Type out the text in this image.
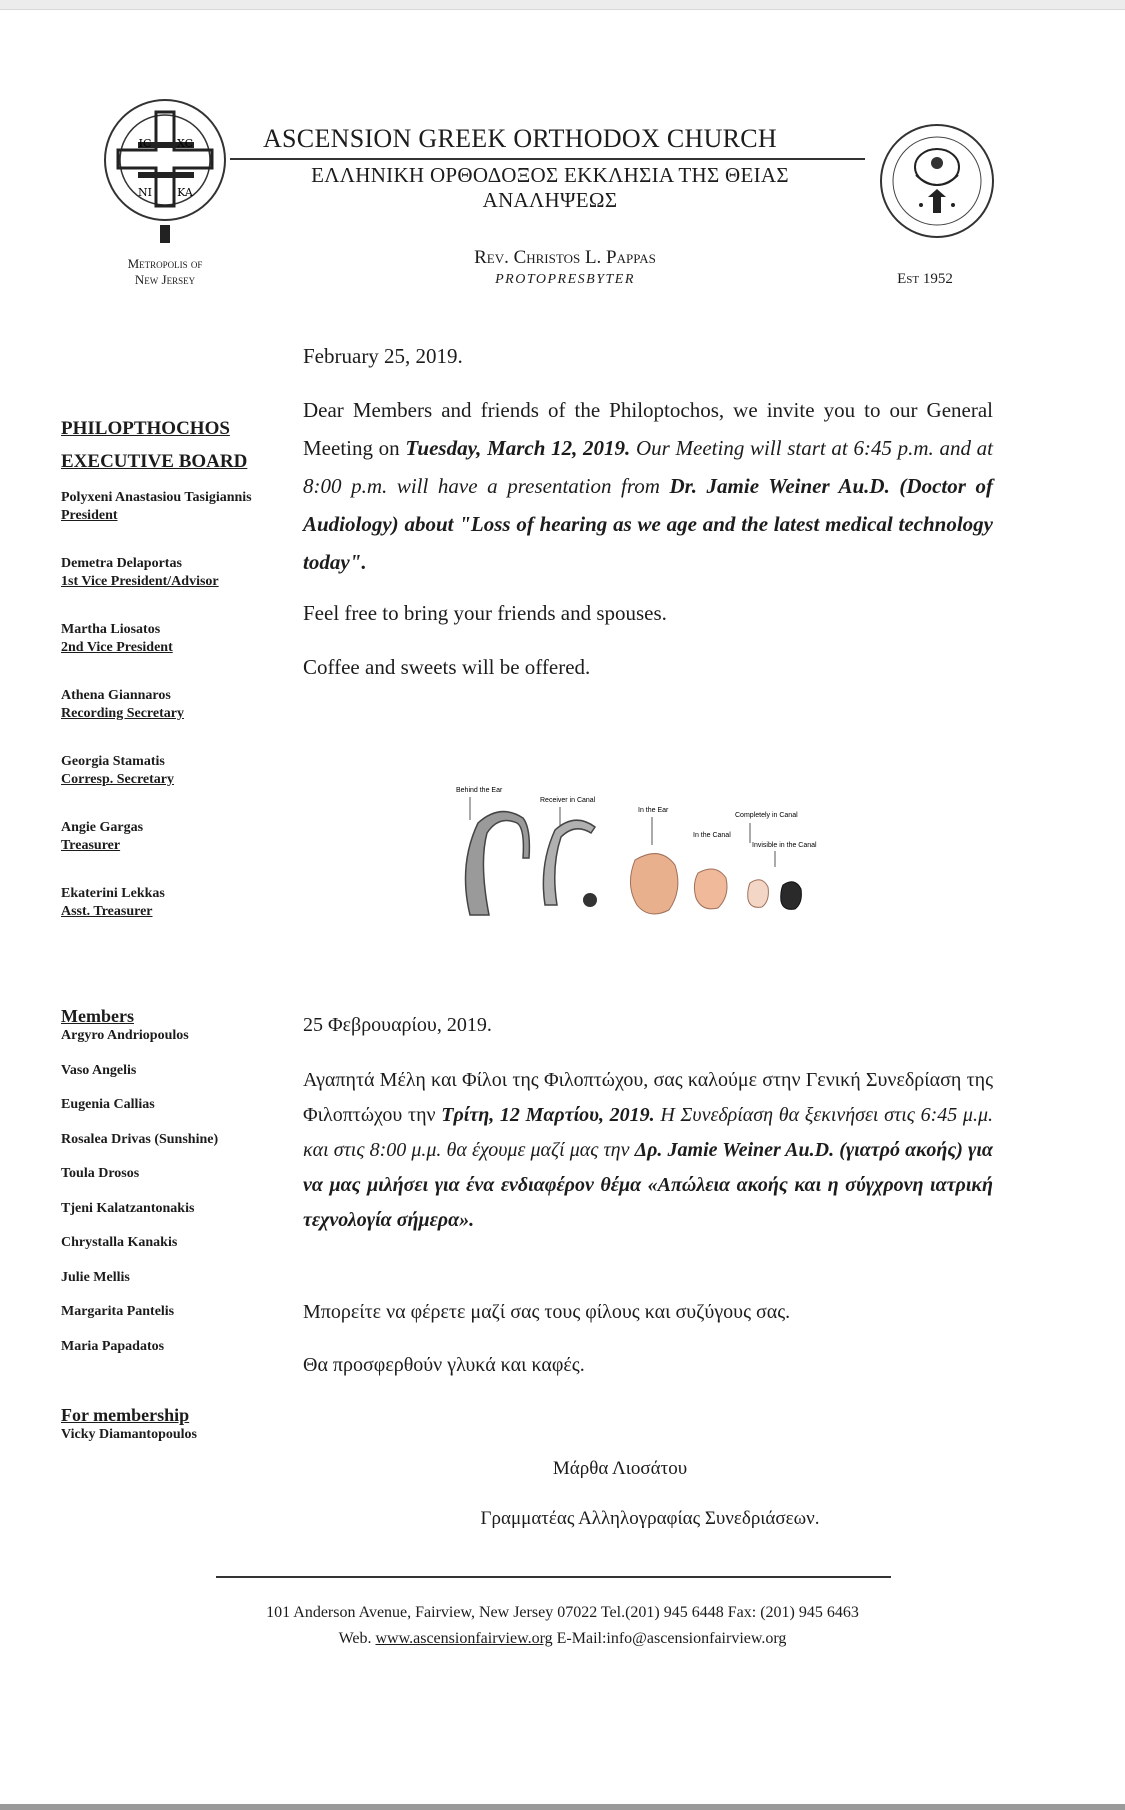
IC XC
NI KA
ASCENSION GREEK ORTHODOX CHURCH
ΕΛΛΗΝΙΚΗ ΟΡΘΟΔΟΞΟΣ ΕΚΚΛΗΣΙΑ ΤΗΣ ΘΕΙΑΣ ΑΝΑΛΗΨΕΩΣ
Rev. Christos L. Pappas
PROTOPRESBYTER
Metropolis of
New Jersey	Est 1952
PHILOPTHOCHOS
EXECUTIVE BOARD
Polyxeni Anastasiou Tasigiannis
President
Demetra Delaportas
1st Vice President/Advisor
Martha Liosatos
2nd Vice President
Athena Giannaros
Recording Secretary
Georgia Stamatis
Corresp. Secretary
Angie Gargas
Treasurer
Ekaterini Lekkas
Asst. Treasurer
Members
Argyro Andriopoulos
Vaso Angelis
Eugenia Callias
Rosalea Drivas (Sunshine)
Toula Drosos
Tjeni Kalatzantonakis
Chrystalla Kanakis
Julie Mellis
Margarita Pantelis
Maria Papadatos
For membership
Vicky Diamantopoulos
February 25, 2019.
Dear Members and friends of the Philoptochos, we invite you to our General Meeting on Tuesday, March 12, 2019. Our Meeting will start at 6:45 p.m. and at 8:00 p.m. will have a presentation from Dr. Jamie Weiner Au.D. (Doctor of Audiology) about "Loss of hearing as we age and the latest medical technology today".
Feel free to bring your friends and spouses.
Coffee and sweets will be offered.
Behind the Ear
Receiver in Canal
In the Ear
In the Canal
Completely in Canal
Invisible in the Canal
25 Φεβρουαρίου, 2019.
Αγαπητά Μέλη και Φίλοι της Φιλοπτώχου, σας καλούμε στην Γενική Συνεδρίαση της Φιλοπτώχου την Τρίτη, 12 Μαρτίου, 2019. Η Συνεδρίαση θα ξεκινήσει στις 6:45 μ.μ. και στις 8:00 μ.μ. θα έχουμε μαζί μας την Δρ. Jamie Weiner Au.D. (γιατρό ακοής) για να μας μιλήσει για ένα ενδιαφέρον θέμα «Απώλεια ακοής και η σύγχρονη ιατρική τεχνολογία σήμερα».
Μπορείτε να φέρετε μαζί σας τους φίλους και συζύγους σας.
Θα προσφερθούν γλυκά και καφές.
Μάρθα Λιοσάτου
Γραμματέας Αλληλογραφίας Συνεδριάσεων.
101 Anderson Avenue, Fairview, New Jersey 07022 Tel.(201) 945 6448 Fax: (201) 945 6463
Web. www.ascensionfairview.org E-Mail:info@ascensionfairview.org
